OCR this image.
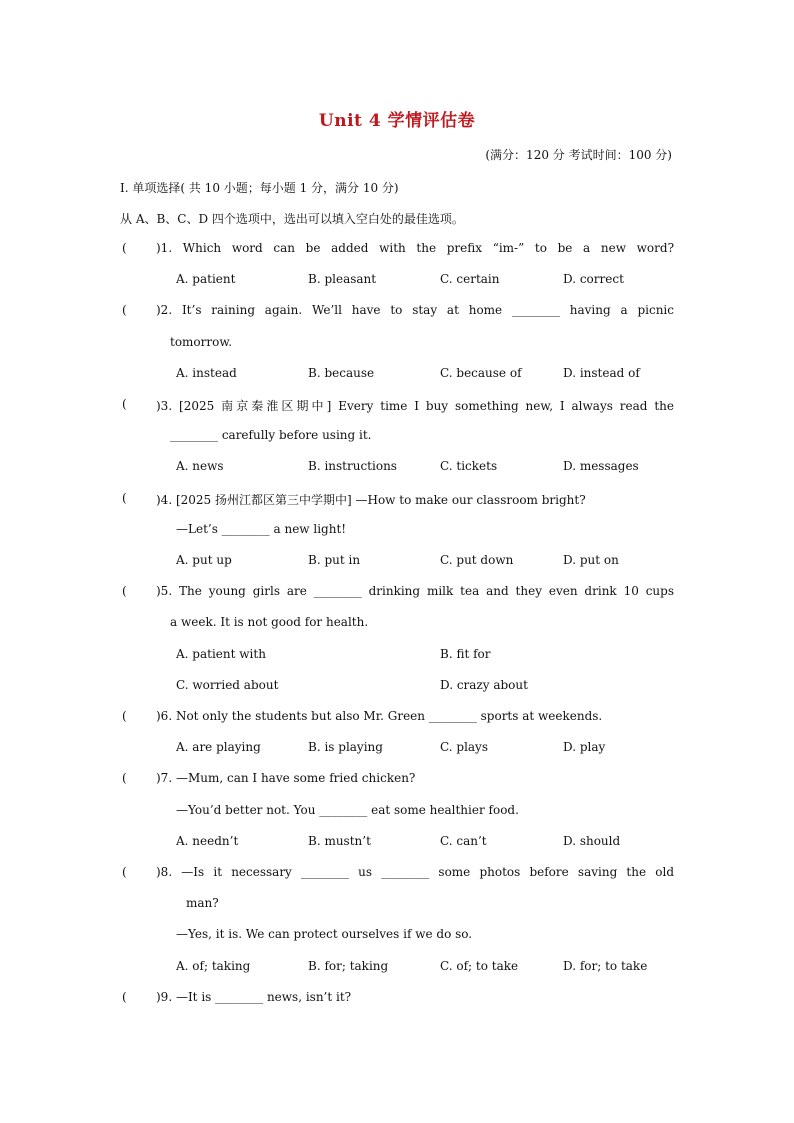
Unit 4 学情评估卷
(满分：120 分 考试时间：100 分)
I. 单项选择( 共 10 小题；每小题 1 分，满分 10 分)
从 A、B、C、D 四个选项中，选出可以填入空白处的最佳选项。
( )1. Which word can be added with the prefix “im-” to be a new word?
A. patient	B. pleasant	C. certain	D. correct
( )2. It’s raining again. We’ll have to stay at home ________ having a picnic
tomorrow.
A. instead	B. because	C. because of	D. instead of
( )3. [2025 南京秦淮区期中] Every time I buy something new, I always read the
________ carefully before using it.
A. news	B. instructions	C. tickets	D. messages
( )4. [2025 扬州江都区第三中学期中] —How to make our classroom bright?
—Let’s ________ a new light!
A. put up	B. put in	C. put down	D. put on
( )5. The young girls are ________ drinking milk tea and they even drink 10 cups
a week. It is not good for health.
A. patient with	B. fit for
C. worried about	D. crazy about
( )6. Not only the students but also Mr. Green ________ sports at weekends.
A. are playing	B. is playing	C. plays	D. play
( )7. —Mum, can I have some fried chicken?
—You’d better not. You ________ eat some healthier food.
A. needn’t	B. mustn’t	C. can’t	D. should
( )8. —Is it necessary ________ us ________ some photos before saving the old
man?
—Yes, it is. We can protect ourselves if we do so.
A. of; taking	B. for; taking	C. of; to take	D. for; to take
( )9. —It is ________ news, isn’t it?
